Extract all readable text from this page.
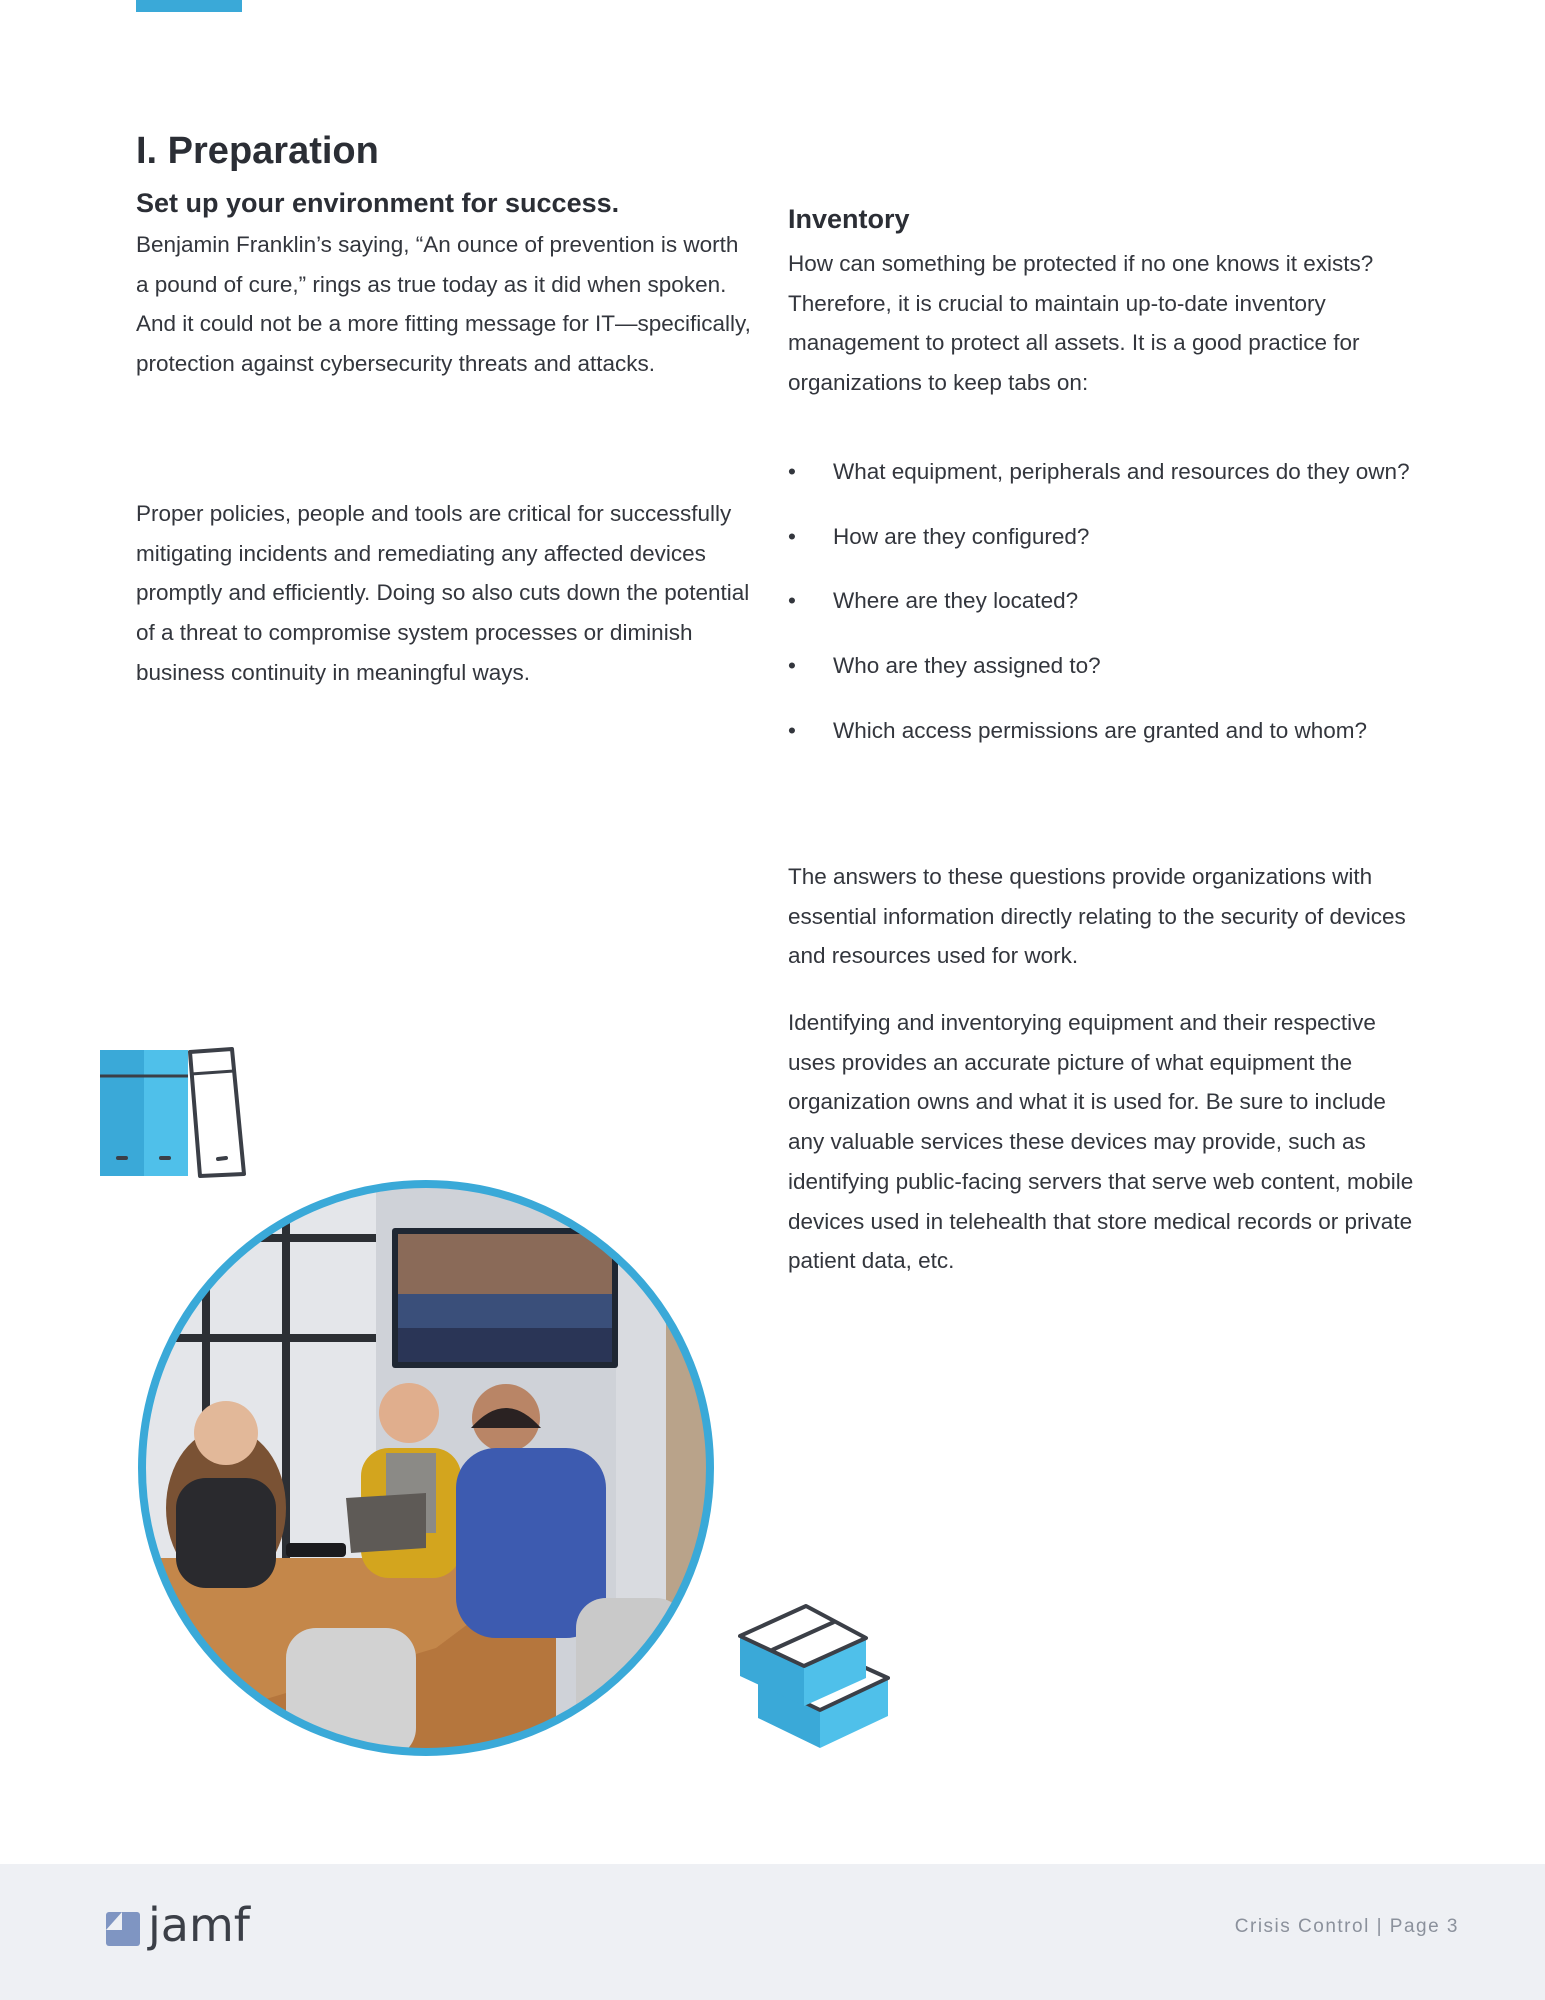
I. Preparation
Set up your environment for success.

Benjamin Franklin’s saying, “An ounce of prevention is worth a pound of cure,” rings as true today as it did when spoken. And it could not be a more fitting message for IT—specifically, protection against cybersecurity threats and attacks.

Proper policies, people and tools are critical for successfully mitigating incidents and remediating any affected devices promptly and efficiently. Doing so also cuts down the potential of a threat to compromise system processes or diminish business continuity in meaningful ways.

Inventory

How can something be protected if no one knows it exists? Therefore, it is crucial to maintain up-to-date inventory management to protect all assets. It is a good practice for organizations to keep tabs on:

• What equipment, peripherals and resources do they own?
• How are they configured?
• Where are they located?
• Who are they assigned to?
• Which access permissions are granted and to whom?

The answers to these questions provide organizations with essential information directly relating to the security of devices and resources used for work.

Identifying and inventorying equipment and their respective uses provides an accurate picture of what equipment the organization owns and what it is used for. Be sure to include any valuable services these devices may provide, such as identifying public-facing servers that serve web content, mobile devices used in telehealth that store medical records or private patient data, etc.

jamf	Crisis Control | Page 3
